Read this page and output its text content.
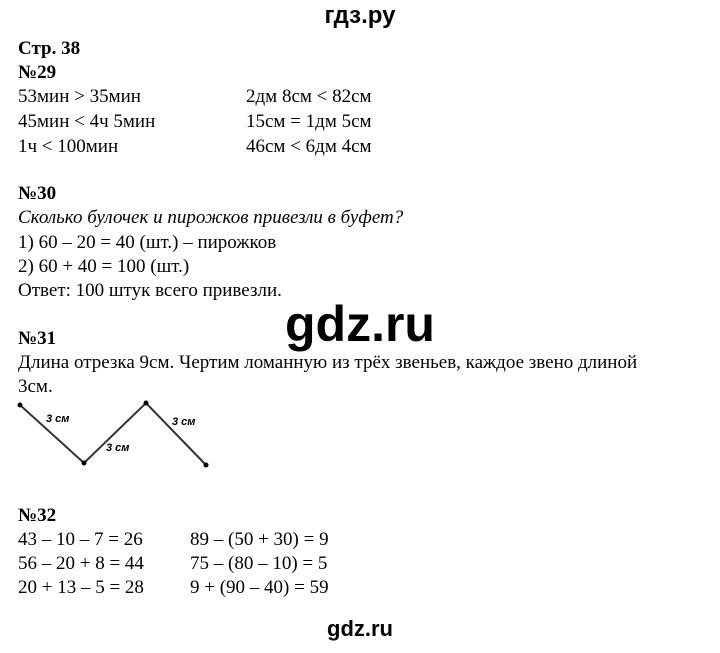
гдз.ру
Стр. 38
№29
53мин > 35мин	2дм 8см < 82см
45мин < 4ч 5мин	15см = 1дм 5см
1ч < 100мин	46см < 6дм 4см
№30
Сколько булочек и пирожков привезли в буфет?
1) 60 – 20 = 40 (шт.) – пирожков
2) 60 + 40 = 100 (шт.)
Ответ: 100 штук всего привезли.
gdz.ru
№31
Длина отрезка 9см. Чертим ломанную из трёх звеньев, каждое звено длиной
3см.
3 см
3 см
3 см
№32
43 – 10 – 7 = 26 89 – (50 + 30) = 9
56 – 20 + 8 = 44 75 – (80 – 10) = 5
20 + 13 – 5 = 28 9 + (90 – 40) = 59
gdz.ru
